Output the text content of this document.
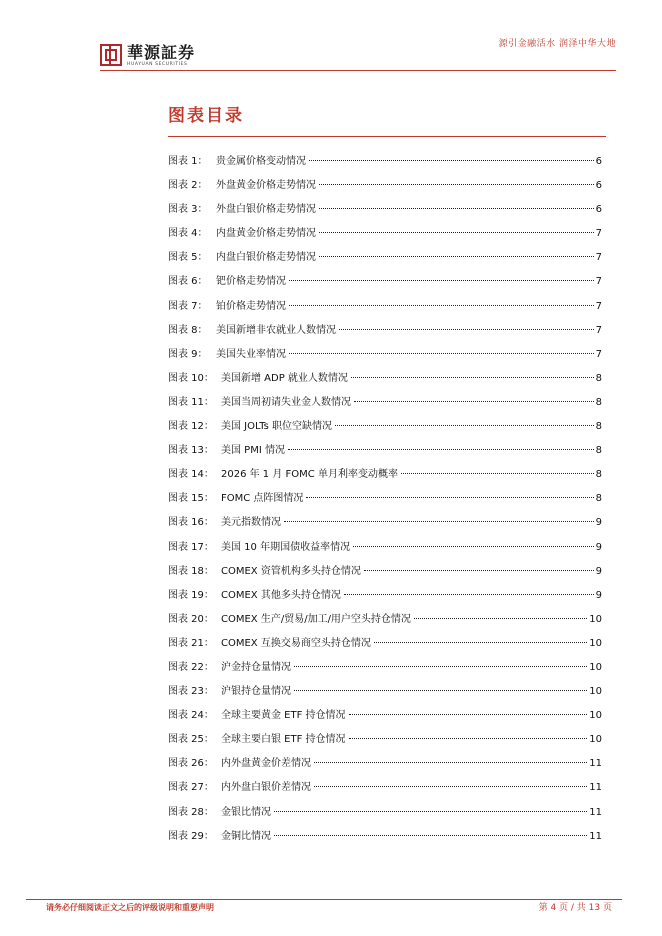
華源証券
HUAYUAN SECURITIES
源引金融活水 润泽中华大地
图表目录
图表 1： 贵金属价格变动情况	6
图表 2： 外盘黄金价格走势情况	6
图表 3： 外盘白银价格走势情况	6
图表 4： 内盘黄金价格走势情况	7
图表 5： 内盘白银价格走势情况	7
图表 6： 钯价格走势情况	7
图表 7： 铂价格走势情况	7
图表 8： 美国新增非农就业人数情况	7
图表 9： 美国失业率情况	7
图表 10： 美国新增 ADP 就业人数情况	8
图表 11： 美国当周初请失业金人数情况	8
图表 12： 美国 JOLTs 职位空缺情况	8
图表 13： 美国 PMI 情况	8
图表 14： 2026 年 1 月 FOMC 单月利率变动概率	8
图表 15： FOMC 点阵图情况	8
图表 16： 美元指数情况	9
图表 17： 美国 10 年期国债收益率情况	9
图表 18： COMEX 资管机构多头持仓情况	9
图表 19： COMEX 其他多头持仓情况	9
图表 20： COMEX 生产/贸易/加工/用户空头持仓情况	10
图表 21： COMEX 互换交易商空头持仓情况	10
图表 22： 沪金持仓量情况	10
图表 23： 沪银持仓量情况	10
图表 24： 全球主要黄金 ETF 持仓情况	10
图表 25： 全球主要白银 ETF 持仓情况	10
图表 26： 内外盘黄金价差情况	11
图表 27： 内外盘白银价差情况	11
图表 28： 金银比情况	11
图表 29： 金铜比情况	11
请务必仔细阅读正文之后的评级说明和重要声明	第 4 页 / 共 13 页
